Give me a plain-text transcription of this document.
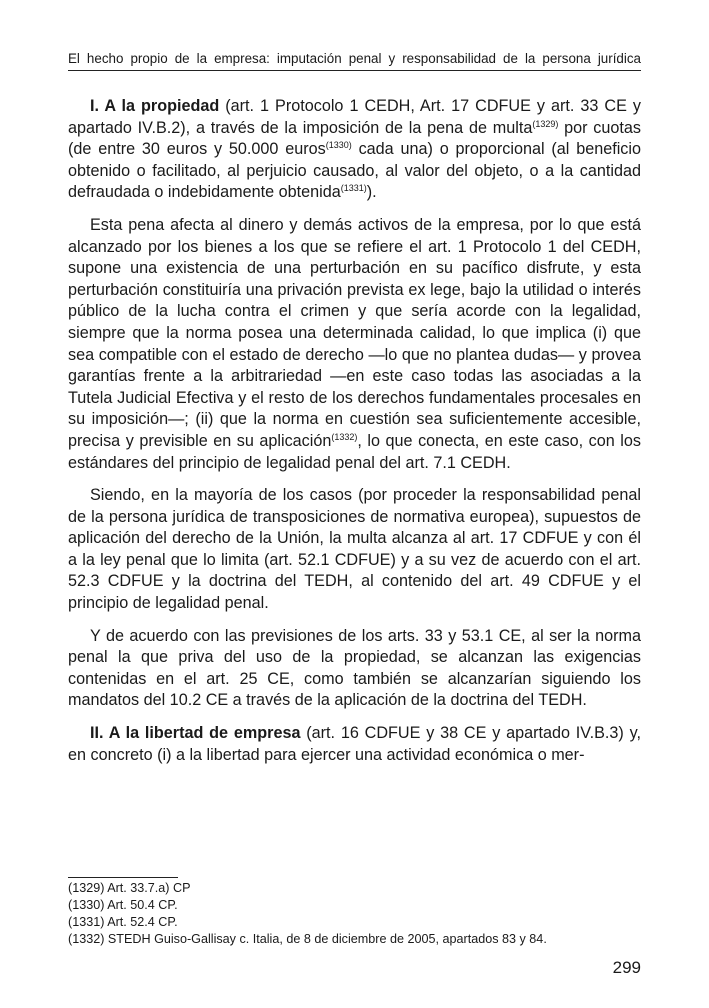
El hecho propio de la empresa: imputación penal y responsabilidad de la persona jurídica

I. A la propiedad (art. 1 Protocolo 1 CEDH, Art. 17 CDFUE y art. 33 CE y apartado IV.B.2), a través de la imposición de la pena de multa$^{(1329)}$ por cuotas (de entre 30 euros y 50.000 euros$^{(1330)}$ cada una) o proporcional (al beneficio obtenido o facilitado, al perjuicio causado, al valor del objeto, o a la cantidad defraudada o indebidamente obtenida$^{(1331)}$).

Esta pena afecta al dinero y demás activos de la empresa, por lo que está alcanzado por los bienes a los que se refiere el art. 1 Protocolo 1 del CEDH, supone una existencia de una perturbación en su pacífico disfrute, y esta perturbación constituiría una privación prevista ex lege, bajo la utilidad o interés público de la lucha contra el crimen y que sería acorde con la legalidad, siempre que la norma posea una determinada calidad, lo que implica (i) que sea compatible con el estado de derecho —lo que no plantea dudas— y provea garantías frente a la arbitrariedad —en este caso todas las asociadas a la Tutela Judicial Efectiva y el resto de los derechos fundamentales procesales en su imposición—; (ii) que la norma en cuestión sea suficientemente accesible, precisa y previsible en su aplicación$^{(1332)}$, lo que conecta, en este caso, con los estándares del principio de legalidad penal del art. 7.1 CEDH.

Siendo, en la mayoría de los casos (por proceder la responsabilidad penal de la persona jurídica de transposiciones de normativa europea), supuestos de aplicación del derecho de la Unión, la multa alcanza al art. 17 CDFUE y con él a la ley penal que lo limita (art. 52.1 CDFUE) y a su vez de acuerdo con el art. 52.3 CDFUE y la doctrina del TEDH, al contenido del art. 49 CDFUE y el principio de legalidad penal.

Y de acuerdo con las previsiones de los arts. 33 y 53.1 CE, al ser la norma penal la que priva del uso de la propiedad, se alcanzan las exigencias contenidas en el art. 25 CE, como también se alcanzarían siguiendo los mandatos del 10.2 CE a través de la aplicación de la doctrina del TEDH.

II. A la libertad de empresa (art. 16 CDFUE y 38 CE y apartado IV.B.3) y, en concreto (i) a la libertad para ejercer una actividad económica o mer-

(1329) Art. 33.7.a) CP
(1330) Art. 50.4 CP.
(1331) Art. 52.4 CP.
(1332) STEDH Guiso-Gallisay c. Italia, de 8 de diciembre de 2005, apartados 83 y 84.
299
